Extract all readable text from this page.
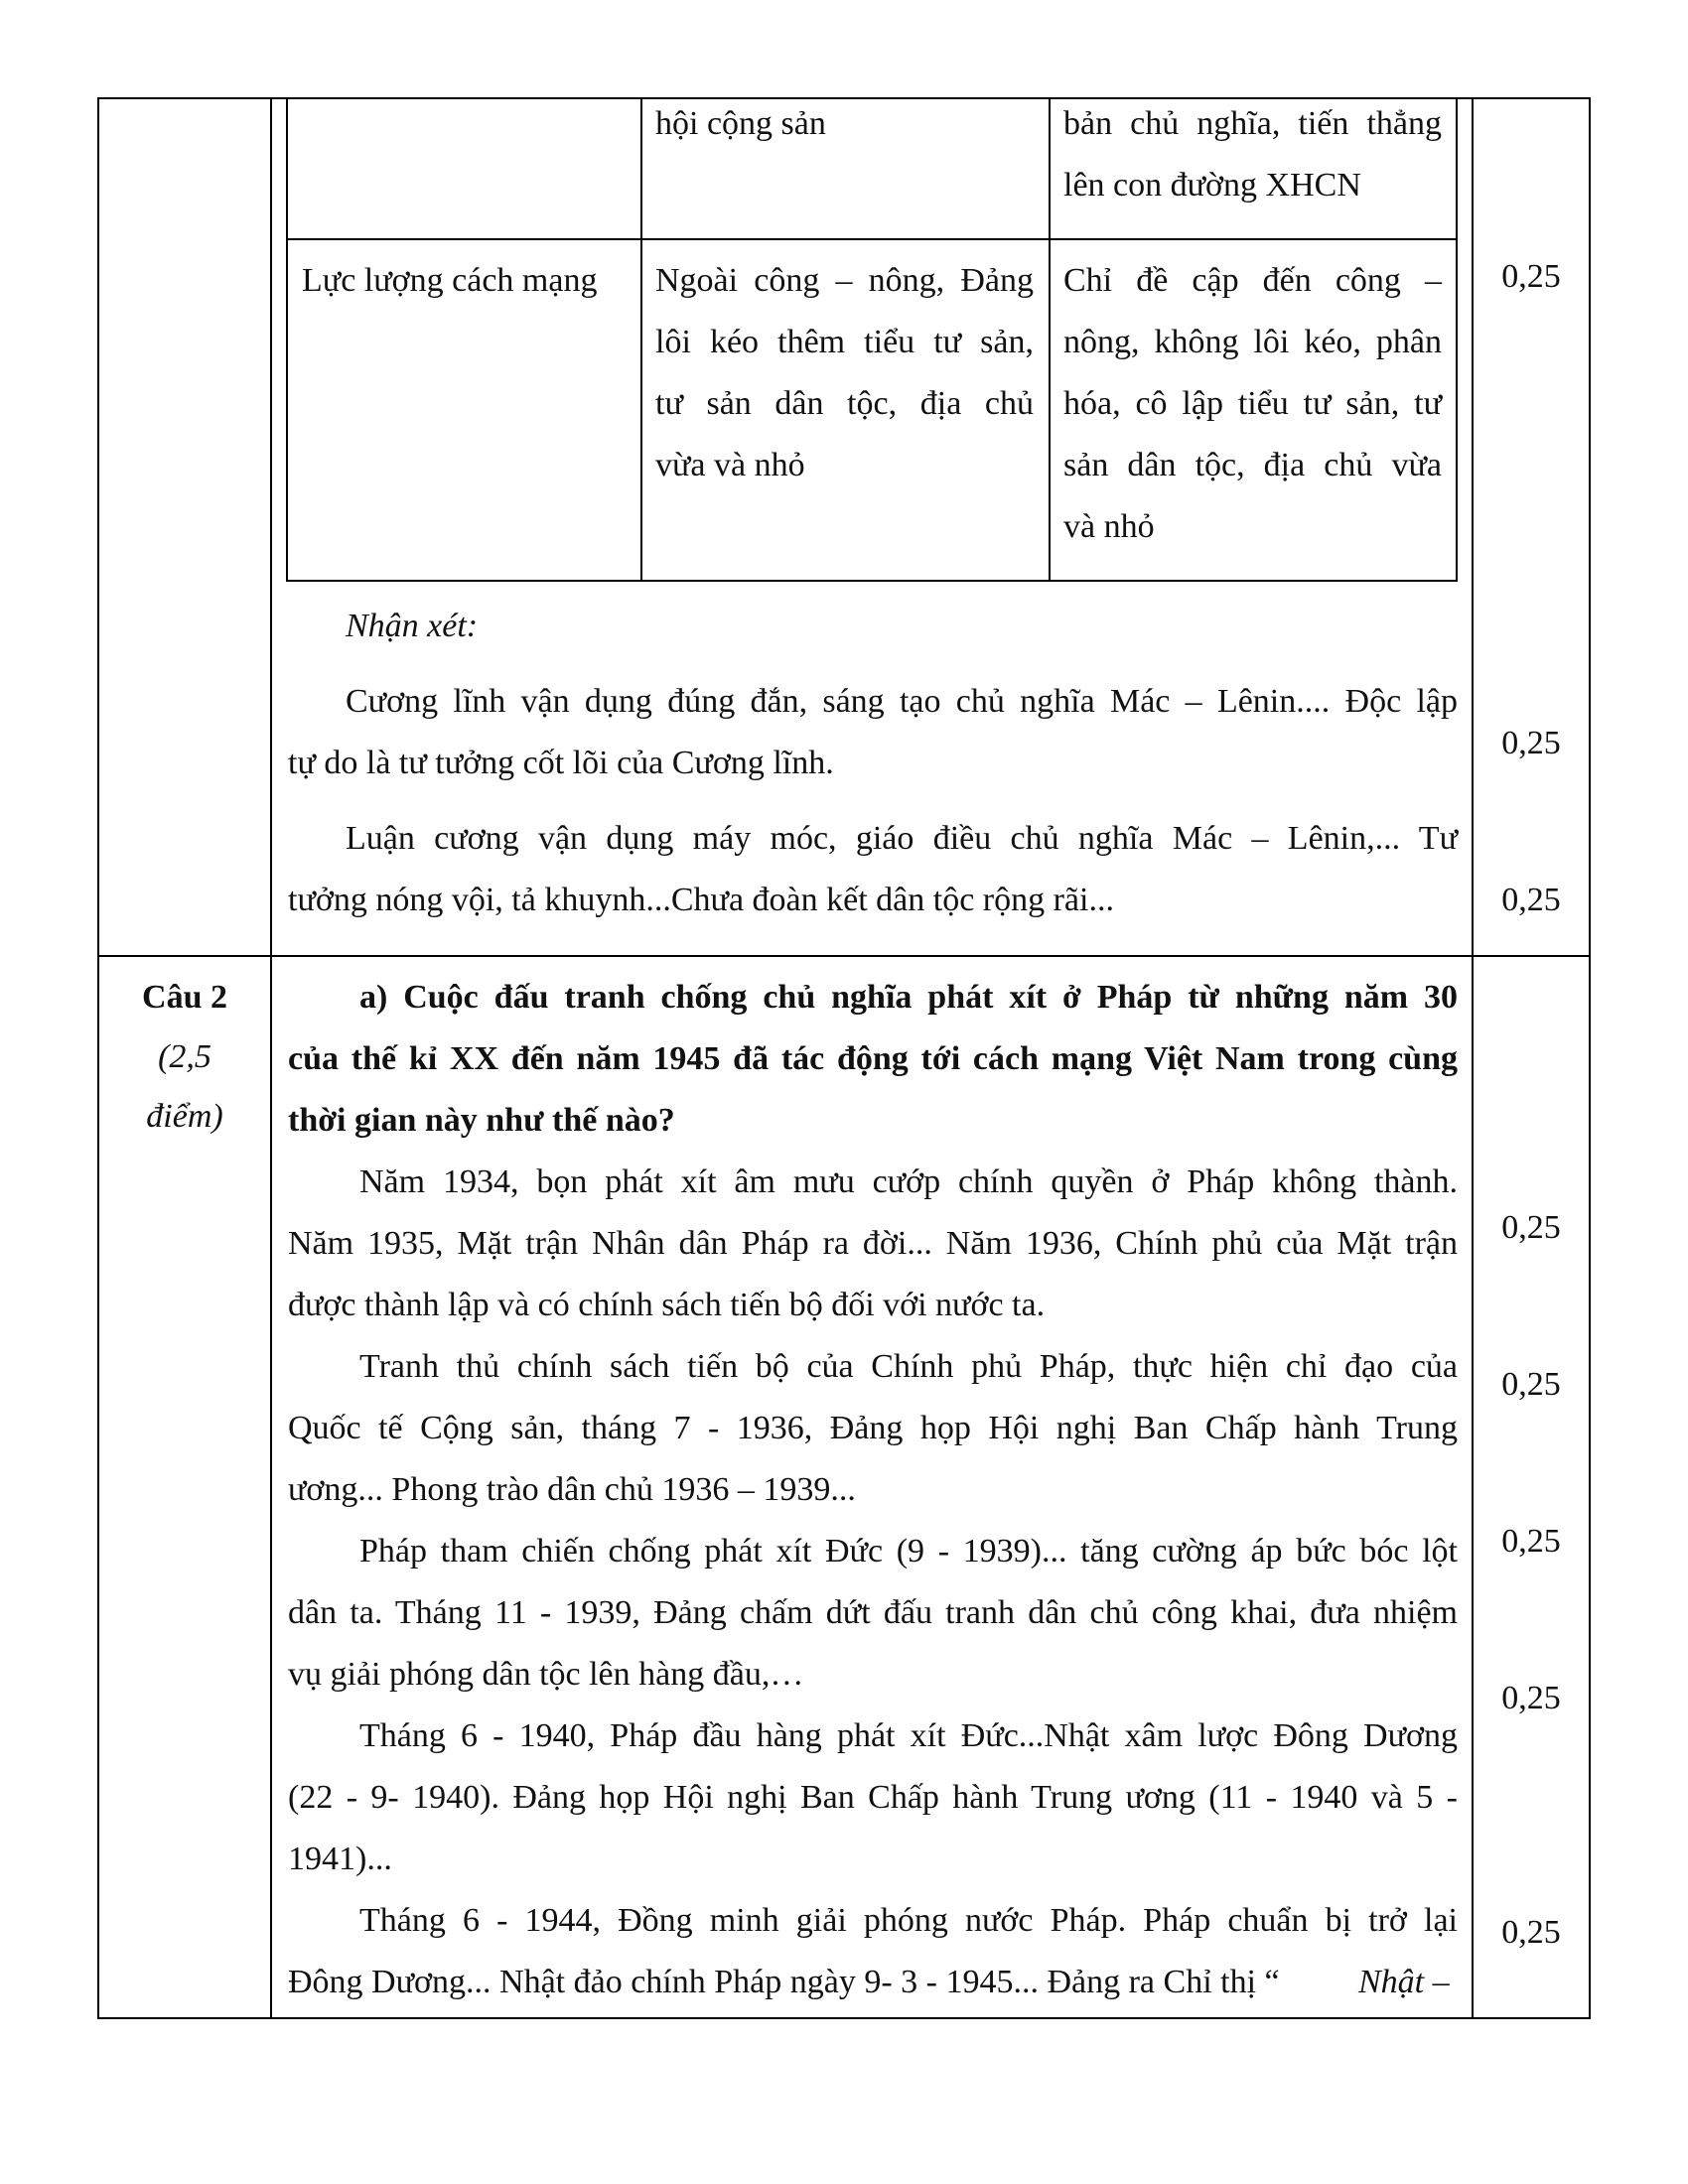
hội cộng sản	bản chủ nghĩa, tiến thẳng
lên con đường XHCN
Lực lượng cách mạng Ngoài công – nông, Đảng
lôi kéo thêm tiểu tư sản,
tư sản dân tộc, địa chủ
vừa và nhỏ
Chỉ đề cập đến công –
nông, không lôi kéo, phân
hóa, cô lập tiểu tư sản, tư
sản dân tộc, địa chủ vừa
và nhỏ
Nhận xét:
Cương lĩnh vận dụng đúng đắn, sáng tạo chủ nghĩa Mác – Lênin.... Độc lập
tự do là tư tưởng cốt lõi của Cương lĩnh.
Luận cương vận dụng máy móc, giáo điều chủ nghĩa Mác – Lênin,... Tư
tưởng nóng vội, tả khuynh...Chưa đoàn kết dân tộc rộng rãi...
Câu 2
(2,5
điểm)
a) Cuộc đấu tranh chống chủ nghĩa phát xít ở Pháp từ những năm 30
của thế kỉ XX đến năm 1945 đã tác động tới cách mạng Việt Nam trong cùng
thời gian này như thế nào?
Năm 1934, bọn phát xít âm mưu cướp chính quyền ở Pháp không thành.
Năm 1935, Mặt trận Nhân dân Pháp ra đời... Năm 1936, Chính phủ của Mặt trận
được thành lập và có chính sách tiến bộ đối với nước ta.
Tranh thủ chính sách tiến bộ của Chính phủ Pháp, thực hiện chỉ đạo của
Quốc tế Cộng sản, tháng 7 - 1936, Đảng họp Hội nghị Ban Chấp hành Trung
ương... Phong trào dân chủ 1936 – 1939...
Pháp tham chiến chống phát xít Đức (9 - 1939)... tăng cường áp bức bóc lột
dân ta. Tháng 11 - 1939, Đảng chấm dứt đấu tranh dân chủ công khai, đưa nhiệm
vụ giải phóng dân tộc lên hàng đầu,…
Tháng 6 - 1940, Pháp đầu hàng phát xít Đức...Nhật xâm lược Đông Dương
(22 - 9- 1940). Đảng họp Hội nghị Ban Chấp hành Trung ương (11 - 1940 và 5 -
1941)...
Tháng 6 - 1944, Đồng minh giải phóng nước Pháp. Pháp chuẩn bị trở lại
Đông Dương... Nhật đảo chính Pháp ngày 9- 3 - 1945... Đảng ra Chỉ thị “ Nhật –
0,25
0,25
0,25
0,25
0,25
0,25
0,25
0,25
